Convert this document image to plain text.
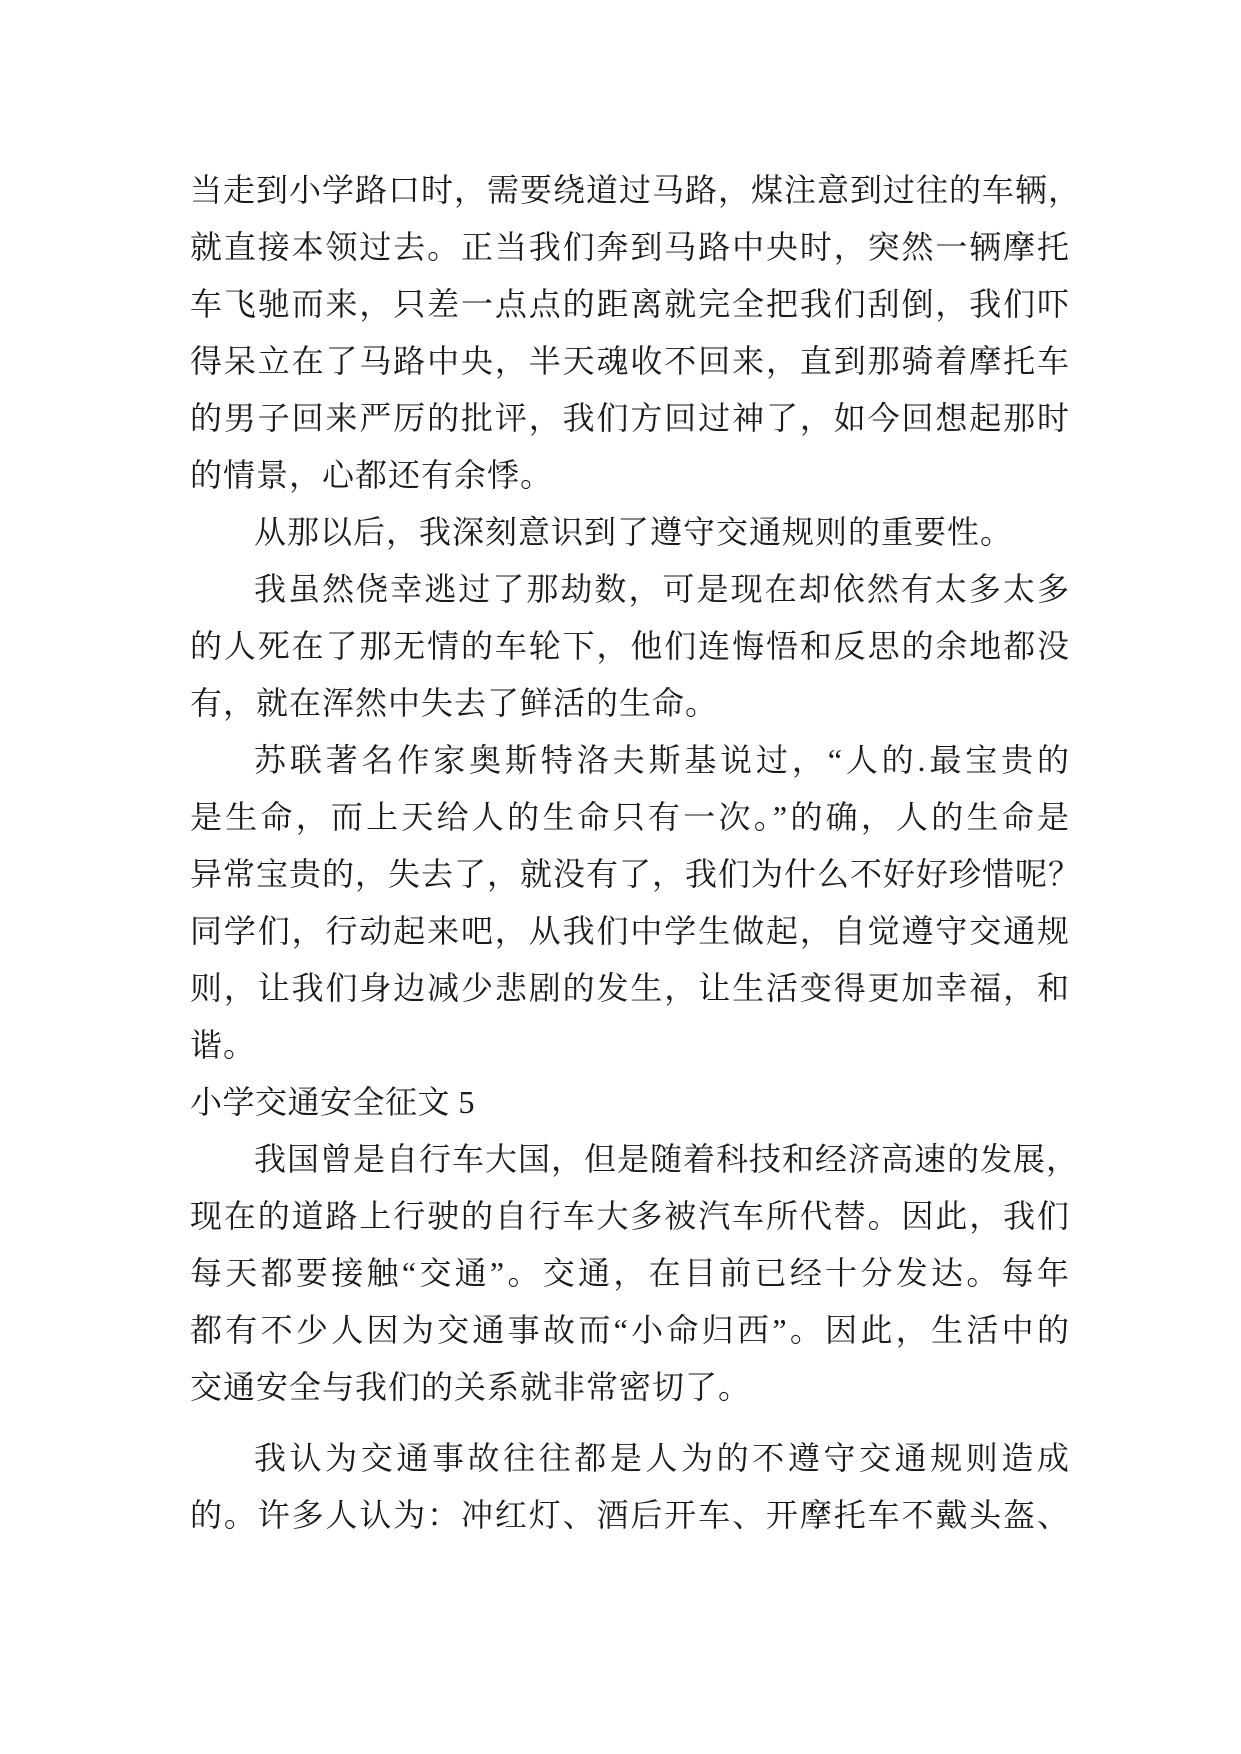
当走到小学路口时，需要绕道过马路，煤注意到过往的车辆，
就直接本领过去。正当我们奔到马路中央时，突然一辆摩托
车飞驰而来，只差一点点的距离就完全把我们刮倒，我们吓
得呆立在了马路中央，半天魂收不回来，直到那骑着摩托车
的男子回来严厉的批评，我们方回过神了，如今回想起那时
的情景，心都还有余悸。
从那以后，我深刻意识到了遵守交通规则的重要性。
我虽然侥幸逃过了那劫数，可是现在却依然有太多太多
的人死在了那无情的车轮下，他们连悔悟和反思的余地都没
有，就在浑然中失去了鲜活的生命。
苏联著名作家奥斯特洛夫斯基说过，“人的.最宝贵的
是生命，而上天给人的生命只有一次。”的确，人的生命是
异常宝贵的，失去了，就没有了，我们为什么不好好珍惜呢？
同学们，行动起来吧，从我们中学生做起，自觉遵守交通规
则，让我们身边减少悲剧的发生，让生活变得更加幸福，和
谐。
小学交通安全征文 5
我国曾是自行车大国，但是随着科技和经济高速的发展，
现在的道路上行驶的自行车大多被汽车所代替。因此，我们
每天都要接触“交通”。交通，在目前已经十分发达。每年
都有不少人因为交通事故而“小命归西”。因此，生活中的
交通安全与我们的关系就非常密切了。
我认为交通事故往往都是人为的不遵守交通规则造成
的。许多人认为：冲红灯、酒后开车、开摩托车不戴头盔、
